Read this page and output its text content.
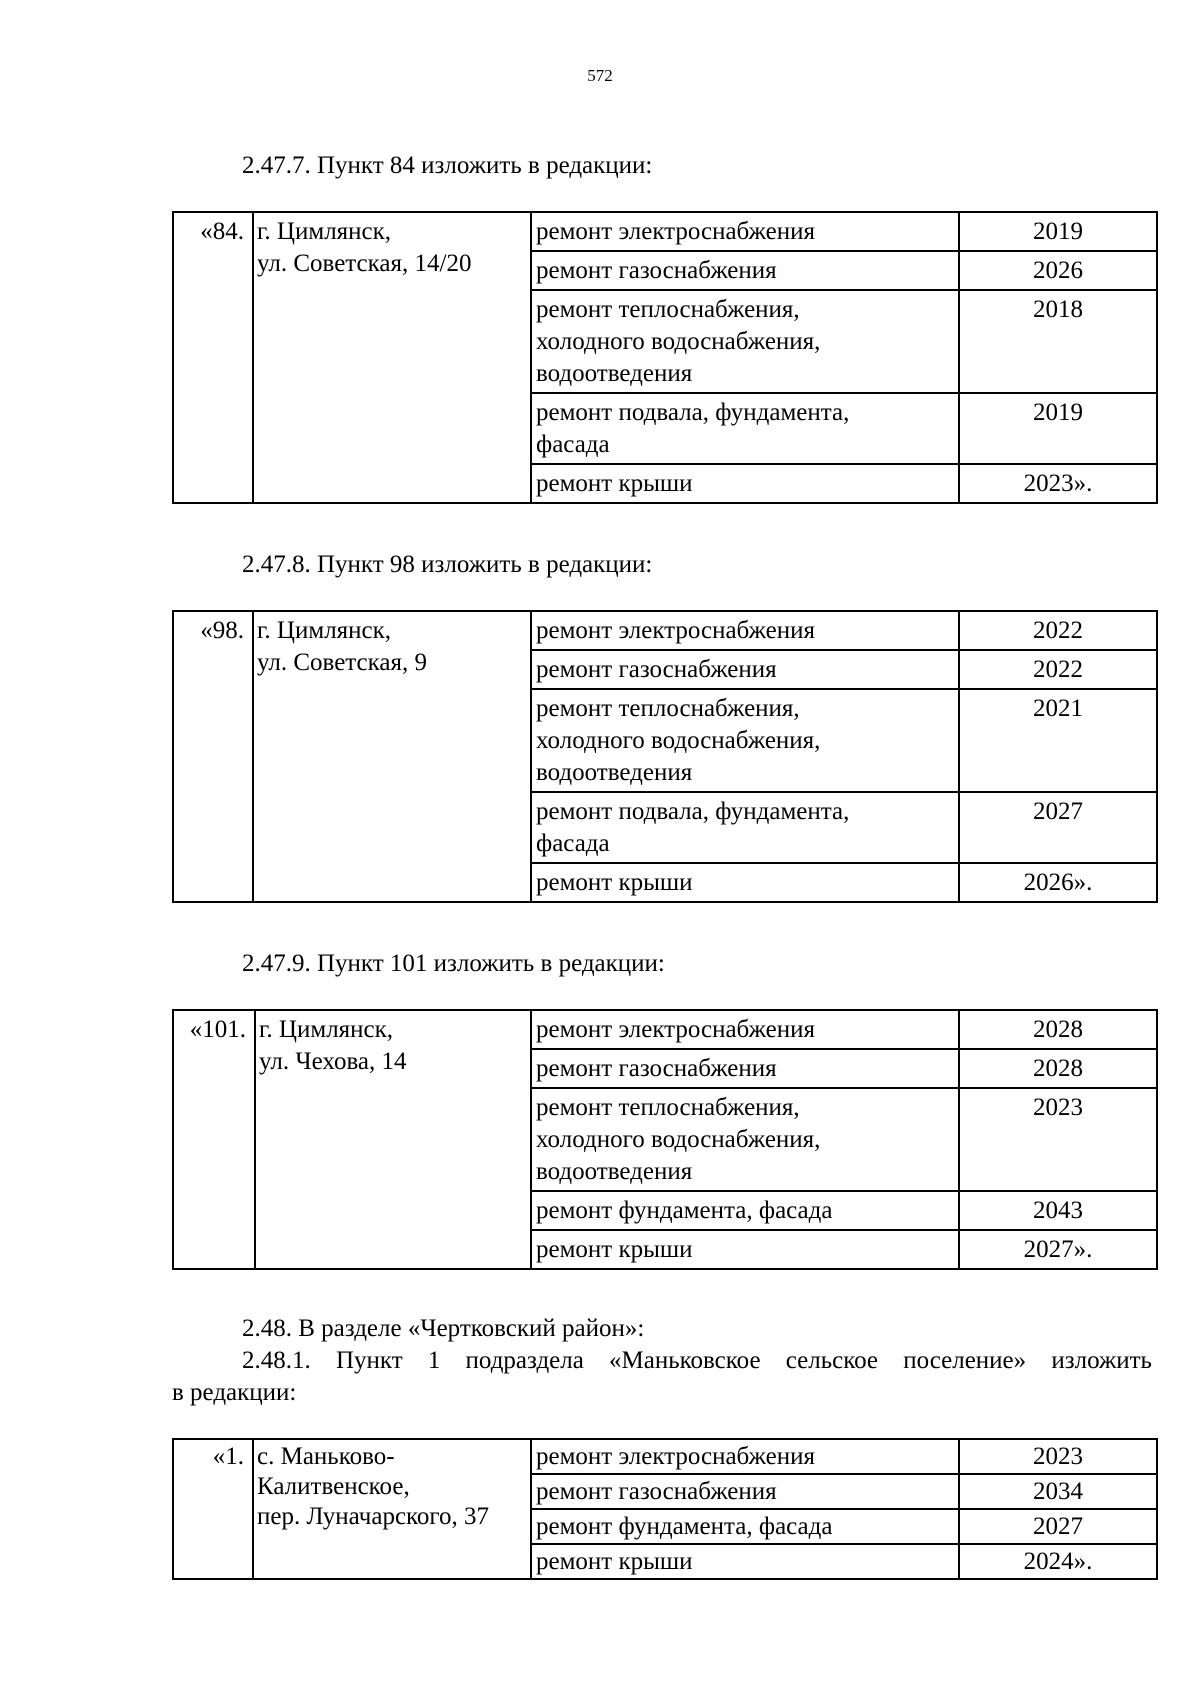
572
2.47.7. Пункт 84 изложить в редакции:
«84.	г. Цимлянск,
ул. Советская, 14/20	ремонт электроснабжения	2019

		ремонт газоснабжения	2026

		ремонт теплоснабжения,
холодного водоснабжения,
водоотведения	2018

		ремонт подвала, фундамента,
фасада	2019

		ремонт крыши	2023».
2.47.8. Пункт 98 изложить в редакции:
«98.	г. Цимлянск,
ул. Советская, 9	ремонт электроснабжения	2022

		ремонт газоснабжения	2022

		ремонт теплоснабжения,
холодного водоснабжения,
водоотведения	2021

		ремонт подвала, фундамента,
фасада	2027

		ремонт крыши	2026».
2.47.9. Пункт 101 изложить в редакции:
«101.	г. Цимлянск,
ул. Чехова, 14	ремонт электроснабжения	2028

		ремонт газоснабжения	2028

		ремонт теплоснабжения,
холодного водоснабжения,
водоотведения	2023

		ремонт фундамента, фасада	2043

		ремонт крыши	2027».
2.48. В разделе «Чертковский район»:
2.48.1. Пункт 1 подраздела «Маньковское сельское поселение» изложить
в редакции:
«1.	с. Маньково-
Калитвенское,
пер. Луначарского, 37	ремонт электроснабжения	2023

		ремонт газоснабжения	2034

		ремонт фундамента, фасада	2027

		ремонт крыши	2024».
